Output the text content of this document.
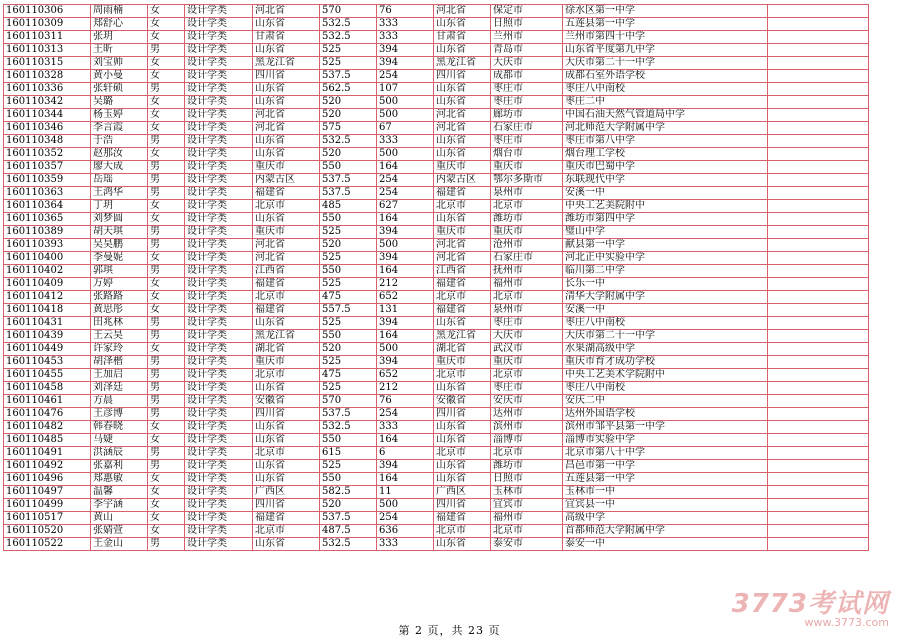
160110306	周雨楠	女	设计学类	河北省	570	76	河北省	保定市	徐水区第一中学	
160110309	郑舒心	女	设计学类	山东省	532.5	333	山东省	日照市	五莲县第一中学	
160110311	张玥	女	设计学类	甘肃省	532.5	333	甘肃省	兰州市	兰州市第四十中学	
160110313	王昕	男	设计学类	山东省	525	394	山东省	青岛市	山东省平度第九中学	
160110315	刘宝帅	女	设计学类	黑龙江省	525	394	黑龙江省	大庆市	大庆市第二十一中学	
160110328	黄小曼	女	设计学类	四川省	537.5	254	四川省	成都市	成都石室外语学校	
160110336	张轩硕	男	设计学类	山东省	562.5	107	山东省	枣庄市	枣庄八中南校	
160110342	吴璐	女	设计学类	山东省	520	500	山东省	枣庄市	枣庄二中	
160110344	杨玉婷	女	设计学类	河北省	520	500	河北省	廊坊市	中国石油天然气管道局中学	
160110346	李言霞	女	设计学类	河北省	575	67	河北省	石家庄市	河北师范大学附属中学	
160110348	于浩	男	设计学类	山东省	532.5	333	山东省	枣庄市	枣庄市第八中学	
160110352	赵那汝	女	设计学类	山东省	520	500	山东省	烟台市	烟台理工学校	
160110357	廖大成	男	设计学类	重庆市	550	164	重庆市	重庆市	重庆市巴蜀中学	
160110359	岳瑶	男	设计学类	内蒙古区	537.5	254	内蒙古区	鄂尔多斯市	东联现代中学	
160110363	王鸿华	男	设计学类	福建省	537.5	254	福建省	泉州市	安溪一中	
160110364	丁玥	女	设计学类	北京市	485	627	北京市	北京市	中央工艺美院附中	
160110365	刘梦圆	女	设计学类	山东省	550	164	山东省	潍坊市	潍坊市第四中学	
160110389	胡天琪	男	设计学类	重庆市	525	394	重庆市	重庆市	璧山中学	
160110393	吴昊鹏	男	设计学类	河北省	520	500	河北省	沧州市	献县第一中学	
160110400	李曼妮	女	设计学类	河北省	525	394	河北省	石家庄市	河北正中实验中学	
160110402	郭琪	男	设计学类	江西省	550	164	江西省	抚州市	临川第二中学	
160110409	万婷	女	设计学类	福建省	525	212	福建省	福州市	长乐一中	
160110412	张路路	女	设计学类	北京市	475	652	北京市	北京市	清华大学附属中学	
160110418	黄思彤	女	设计学类	福建省	557.5	131	福建省	泉州市	安溪一中	
160110431	田兆林	男	设计学类	山东省	525	394	山东省	枣庄市	枣庄八中南校	
160110439	王云昊	男	设计学类	黑龙江省	550	164	黑龙江省	大庆市	大庆市第二十一中学	
160110449	许家玲	女	设计学类	湖北省	520	500	湖北省	武汉市	水果湖高级中学	
160110453	胡泽楷	男	设计学类	重庆市	525	394	重庆市	重庆市	重庆市育才成功学校	
160110455	王加启	男	设计学类	北京市	475	652	北京市	北京市	中央工艺美术学院附中	
160110458	刘泽廷	男	设计学类	山东省	525	212	山东省	枣庄市	枣庄八中南校	
160110461	方晨	男	设计学类	安徽省	570	76	安徽省	安庆市	安庆二中	
160110476	王彦博	男	设计学类	四川省	537.5	254	四川省	达州市	达州外国语学校	
160110482	韩春晓	女	设计学类	山东省	532.5	333	山东省	滨州市	滨州市邹平县第一中学	
160110485	马婕	女	设计学类	山东省	550	164	山东省	淄博市	淄博市实验中学	
160110491	洪涵辰	男	设计学类	北京市	615	6	北京市	北京市	北京市第八十中学	
160110492	张嘉利	男	设计学类	山东省	525	394	山东省	潍坊市	昌邑市第一中学	
160110496	郑惠敏	女	设计学类	山东省	550	164	山东省	日照市	五莲县第一中学	
160110497	温馨	女	设计学类	广西区	582.5	11	广西区	玉林市	玉林市一中	
160110499	李宇涵	女	设计学类	四川省	520	500	四川省	宜宾市	宜宾县一中	
160110517	黄山	女	设计学类	福建省	537.5	254	福建省	福州市	高级中学	
160110520	张婧萱	女	设计学类	北京市	487.5	636	北京市	北京市	首都师范大学附属中学	
160110522	王金山	男	设计学类	山东省	532.5	333	山东省	泰安市	泰安一中	
第 2 页，共 23 页
3773考试网
www.3773.com
